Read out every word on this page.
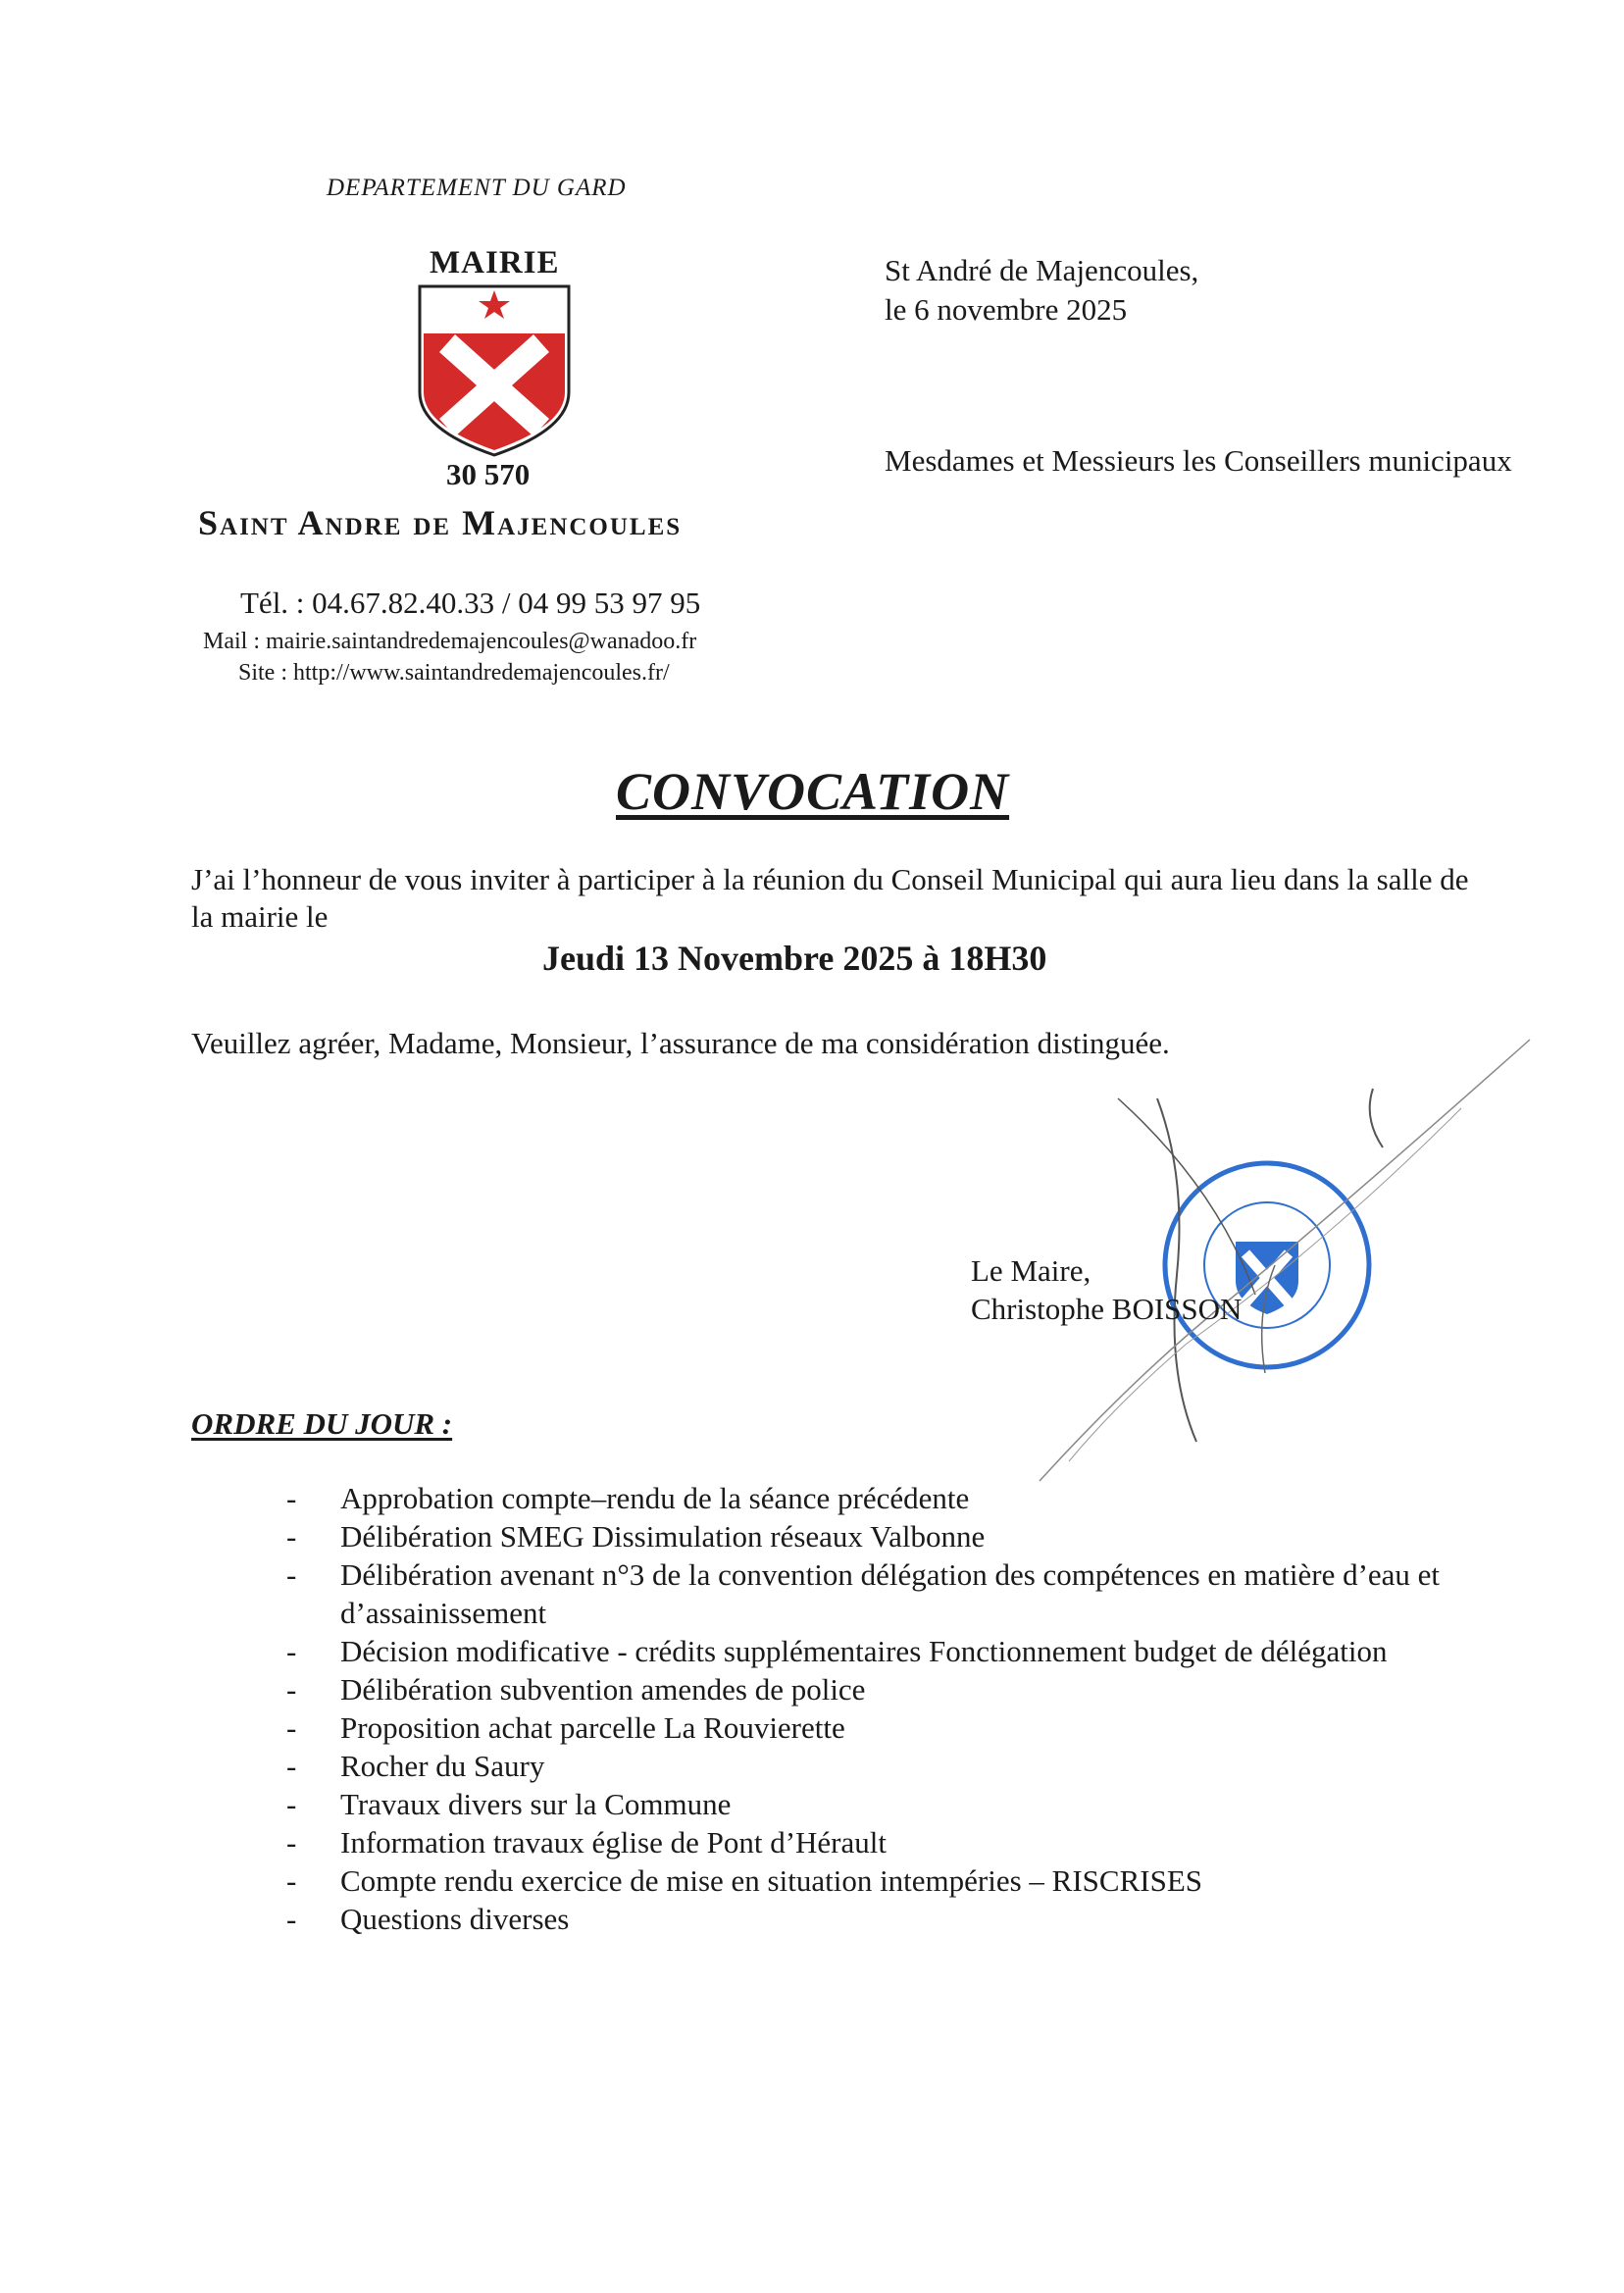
DEPARTEMENT DU GARD
MAIRIE
30 570
Saint Andre de Majencoules
Tél. : 04.67.82.40.33 / 04 99 53 97 95
Mail : mairie.saintandredemajencoules@wanadoo.fr
Site : http://www.saintandredemajencoules.fr/
St André de Majencoules,
le 6 novembre 2025
Mesdames et Messieurs les Conseillers municipaux
CONVOCATION
J’ai l’honneur de vous inviter à participer à la réunion du Conseil Municipal qui aura lieu dans la salle de la mairie le
Jeudi 13 Novembre 2025 à 18H30
Veuillez agréer, Madame, Monsieur, l’assurance de ma considération distinguée.
Le Maire,
Christophe BOISSON
ORDRE DU JOUR :
- Approbation compte–rendu de la séance précédente
- Délibération SMEG Dissimulation réseaux Valbonne
- Délibération avenant n°3 de la convention délégation des compétences en matière d’eau et d’assainissement
- Décision modificative - crédits supplémentaires Fonctionnement budget de délégation
- Délibération subvention amendes de police
- Proposition achat parcelle La Rouvierette
- Rocher du Saury
- Travaux divers sur la Commune
- Information travaux église de Pont d’Hérault
- Compte rendu exercice de mise en situation intempéries – RISCRISES
- Questions diverses
